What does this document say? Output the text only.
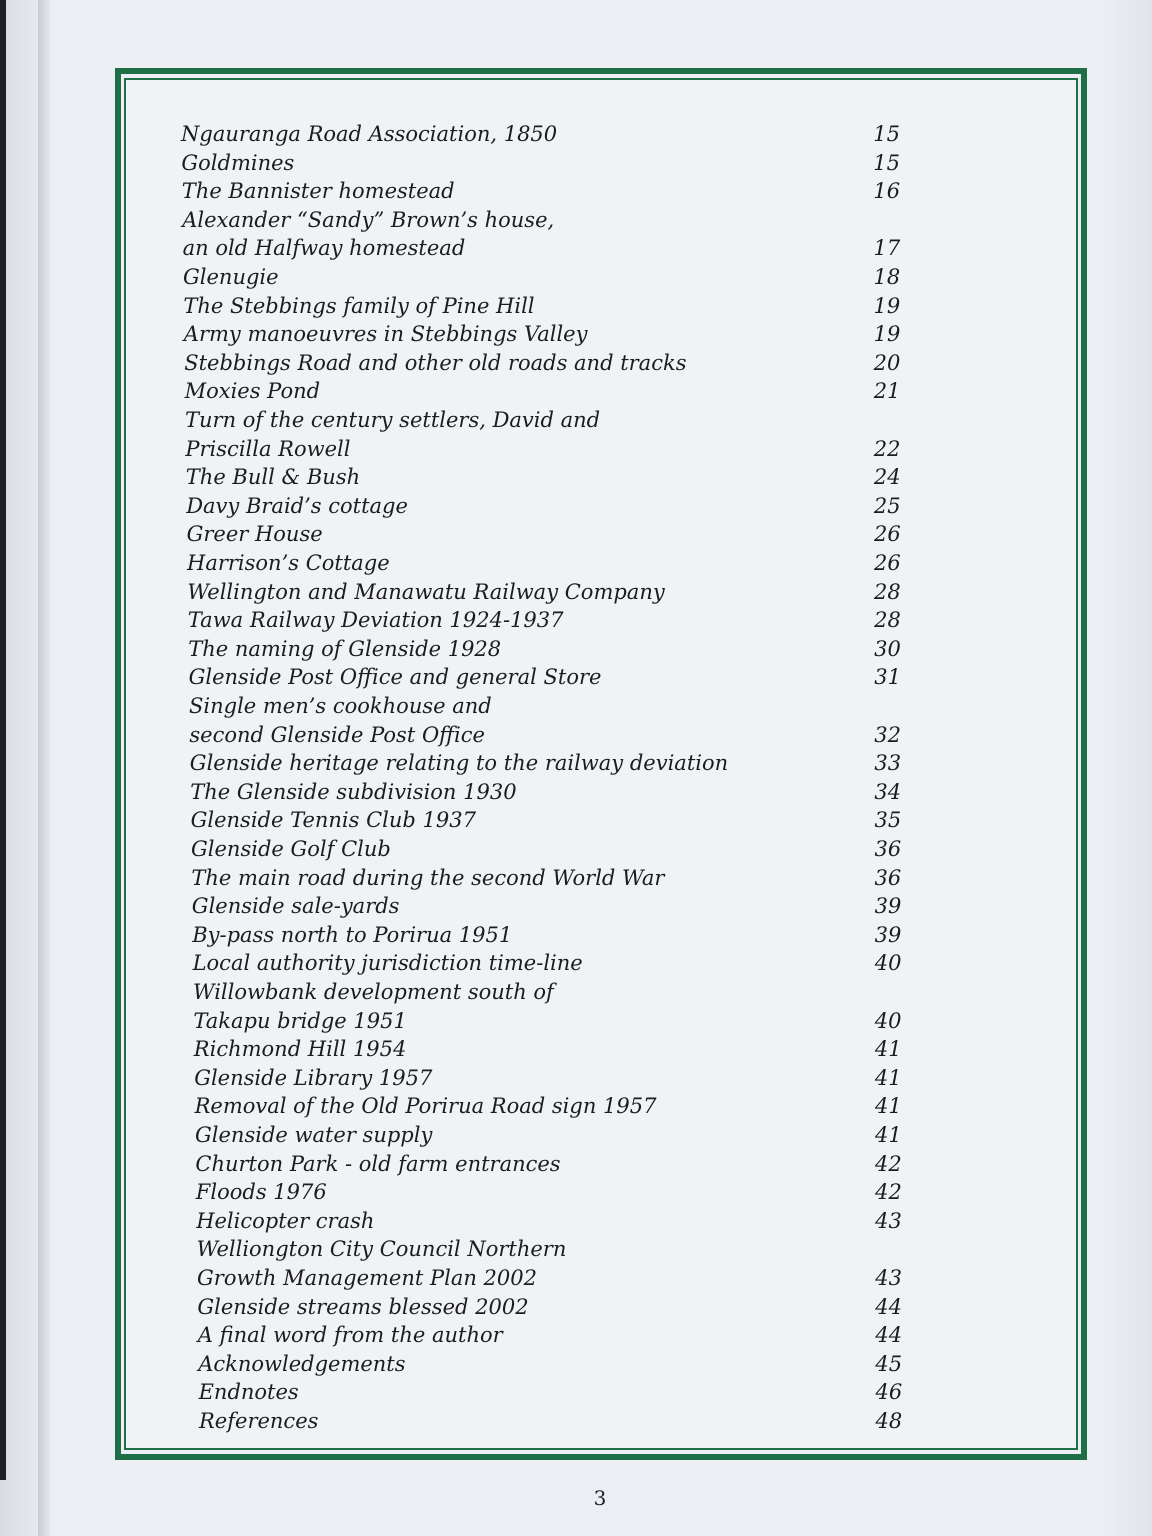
Ngauranga Road Association, 1850	15
Goldmines	15
The Bannister homestead	16
Alexander “Sandy” Brown’s house,
an old Halfway homestead	17
Glenugie	18
The Stebbings family of Pine Hill	19
Army manoeuvres in Stebbings Valley	19
Stebbings Road and other old roads and tracks	20
Moxies Pond	21
Turn of the century settlers, David and
Priscilla Rowell	22
The Bull & Bush	24
Davy Braid’s cottage	25
Greer House	26
Harrison’s Cottage	26
Wellington and Manawatu Railway Company	28
Tawa Railway Deviation 1924-1937	28
The naming of Glenside 1928	30
Glenside Post Office and general Store	31
Single men’s cookhouse and
second Glenside Post Office	32
Glenside heritage relating to the railway deviation	33
The Glenside subdivision 1930	34
Glenside Tennis Club 1937	35
Glenside Golf Club	36
The main road during the second World War	36
Glenside sale-yards	39
By-pass north to Porirua 1951	39
Local authority jurisdiction time-line	40
Willowbank development south of
Takapu bridge 1951	40
Richmond Hill 1954	41
Glenside Library 1957	41
Removal of the Old Porirua Road sign 1957	41
Glenside water supply	41
Churton Park - old farm entrances	42
Floods 1976	42
Helicopter crash	43
Welliongton City Council Northern
Growth Management Plan 2002	43
Glenside streams blessed 2002	44
A final word from the author	44
Acknowledgements	45
Endnotes	46
References	48
3
